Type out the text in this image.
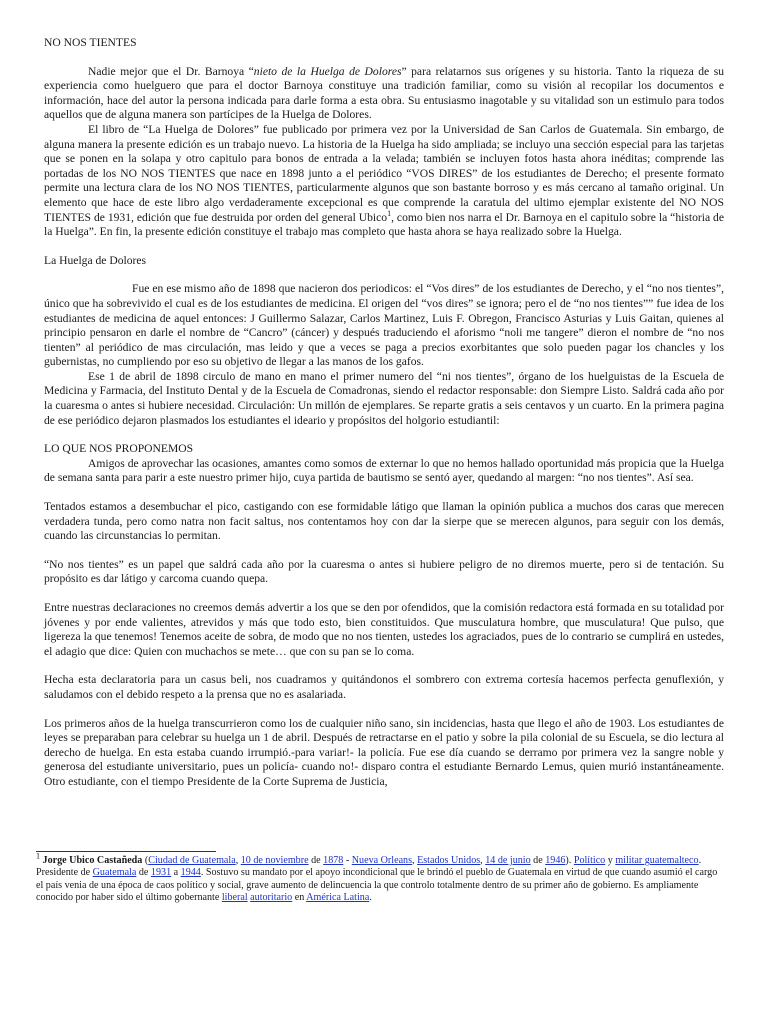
NO NOS TIENTES

Nadie mejor que el Dr. Barnoya “nieto de la Huelga de Dolores” para relatarnos sus orígenes y su historia. Tanto la riqueza de su experiencia como huelguero que para el doctor Barnoya constituye una tradición familiar, como su visión al recopilar los documentos e información, hace del autor la persona indicada para darle forma a esta obra. Su entusiasmo inagotable y su vitalidad son un estimulo para todos aquellos que de alguna manera son partícipes de la Huelga de Dolores.

El libro de “La Huelga de Dolores” fue publicado por primera vez por la Universidad de San Carlos de Guatemala. Sin embargo, de alguna manera la presente edición es un trabajo nuevo. La historia de la Huelga ha sido ampliada; se incluyo una sección especial para las tarjetas que se ponen en la solapa y otro capitulo para bonos de entrada a la velada; también se incluyen fotos hasta ahora inéditas; comprende las portadas de los NO NOS TIENTES que nace en 1898 junto a el periódico “VOS DIRES” de los estudiantes de Derecho; el presente formato permite una lectura clara de los NO NOS TIENTES, particularmente algunos que son bastante borroso y es más cercano al tamaño original. Un elemento que hace de este libro algo verdaderamente excepcional es que comprende la caratula del ultimo ejemplar existente del NO NOS TIENTES de 1931, edición que fue destruida por orden del general Ubico$^1$, como bien nos narra el Dr. Barnoya en el capitulo sobre la “historia de la Huelga”. En fin, la presente edición constituye el trabajo mas completo que hasta ahora se haya realizado sobre la Huelga.

La Huelga de Dolores

Fue en ese mismo año de 1898 que nacieron dos periodicos: el “Vos dires” de los estudiantes de Derecho, y el “no nos tientes”, único que ha sobrevivido el cual es de los estudiantes de medicina. El origen del “vos dires” se ignora; pero el de “no nos tientes”” fue idea de los estudiantes de medicina de aquel entonces: J Guillermo Salazar, Carlos Martinez, Luis F. Obregon, Francisco Asturias y Luis Gaitan, quienes al principio pensaron en darle el nombre de “Cancro” (cáncer) y después traduciendo el aforismo “noli me tangere” dieron el nombre de “no nos tienten” al periódico de mas circulación, mas leido y que a veces se paga a precios exorbitantes que solo pueden pagar los chancles y los gubernistas, no cumpliendo por eso su objetivo de llegar a las manos de los gafos.

Ese 1 de abril de 1898 circulo de mano en mano el primer numero del “ni nos tientes”, órgano de los huelguistas de la Escuela de Medicina y Farmacia, del Instituto Dental y de la Escuela de Comadronas, siendo el redactor responsable: don Siempre Listo. Saldrá cada año por la cuaresma o antes si hubiere necesidad. Circulación: Un millón de ejemplares. Se reparte gratis a seis centavos y un cuarto. En la primera pagina de ese periódico dejaron plasmados los estudiantes el ideario y propósitos del holgorio estudiantil:

LO QUE NOS PROPONEMOS

Amigos de aprovechar las ocasiones, amantes como somos de externar lo que no hemos hallado oportunidad más propicia que la Huelga de semana santa para parir a este nuestro primer hijo, cuya partida de bautismo se sentó ayer, quedando al margen: “no nos tientes”. Así sea.

Tentados estamos a desembuchar el pico, castigando con ese formidable látigo que llaman la opinión publica a muchos dos caras que merecen verdadera tunda, pero como natra non facit saltus, nos contentamos hoy con dar la sierpe que se merecen algunos, para seguir con los demás, cuando las circunstancias lo permitan.

“No nos tientes” es un papel que saldrá cada año por la cuaresma o antes si hubiere peligro de no diremos muerte, pero si de tentación. Su propósito es dar látigo y carcoma cuando quepa.

Entre nuestras declaraciones no creemos demás advertir a los que se den por ofendidos, que la comisión redactora está formada en su totalidad por jóvenes y por ende valientes, atrevidos y más que todo esto, bien constituidos. Que musculatura hombre, que musculatura! Que pulso, que ligereza la que tenemos! Tenemos aceite de sobra, de modo que no nos tienten, ustedes los agraciados, pues de lo contrario se cumplirá en ustedes, el adagio que dice: Quien con muchachos se mete… que con su pan se lo coma.

Hecha esta declaratoria para un casus beli, nos cuadramos y quitándonos el sombrero con extrema cortesía hacemos perfecta genuflexión, y saludamos con el debido respeto a la prensa que no es asalariada.

Los primeros años de la huelga transcurrieron como los de cualquier niño sano, sin incidencias, hasta que llego el año de 1903. Los estudiantes de leyes se preparaban para celebrar su huelga un 1 de abril. Después de retractarse en el patio y sobre la pila colonial de su Escuela, se dio lectura al derecho de huelga. En esta estaba cuando irrumpió.-para variar!- la policía. Fue ese día cuando se derramo por primera vez la sangre noble y generosa del estudiante universitario, pues un policía- cuando no!- disparo contra el estudiante Bernardo Lemus, quien murió instantáneamente. Otro estudiante, con el tiempo Presidente de la Corte Suprema de Justicia,

$^1$ Jorge Ubico Castañeda (Ciudad de Guatemala, 10 de noviembre de 1878 - Nueva Orleans, Estados Unidos, 14 de junio de 1946). Político y militar guatemalteco. Presidente de Guatemala de 1931 a 1944. Sostuvo su mandato por el apoyo incondicional que le brindó el pueblo de Guatemala en virtud de que cuando asumió el cargo el país venia de una época de caos político y social, grave aumento de delincuencia la que controlo totalmente dentro de su primer año de gobierno. Es ampliamente conocido por haber sido el último gobernante liberal autoritario en América Latina.
